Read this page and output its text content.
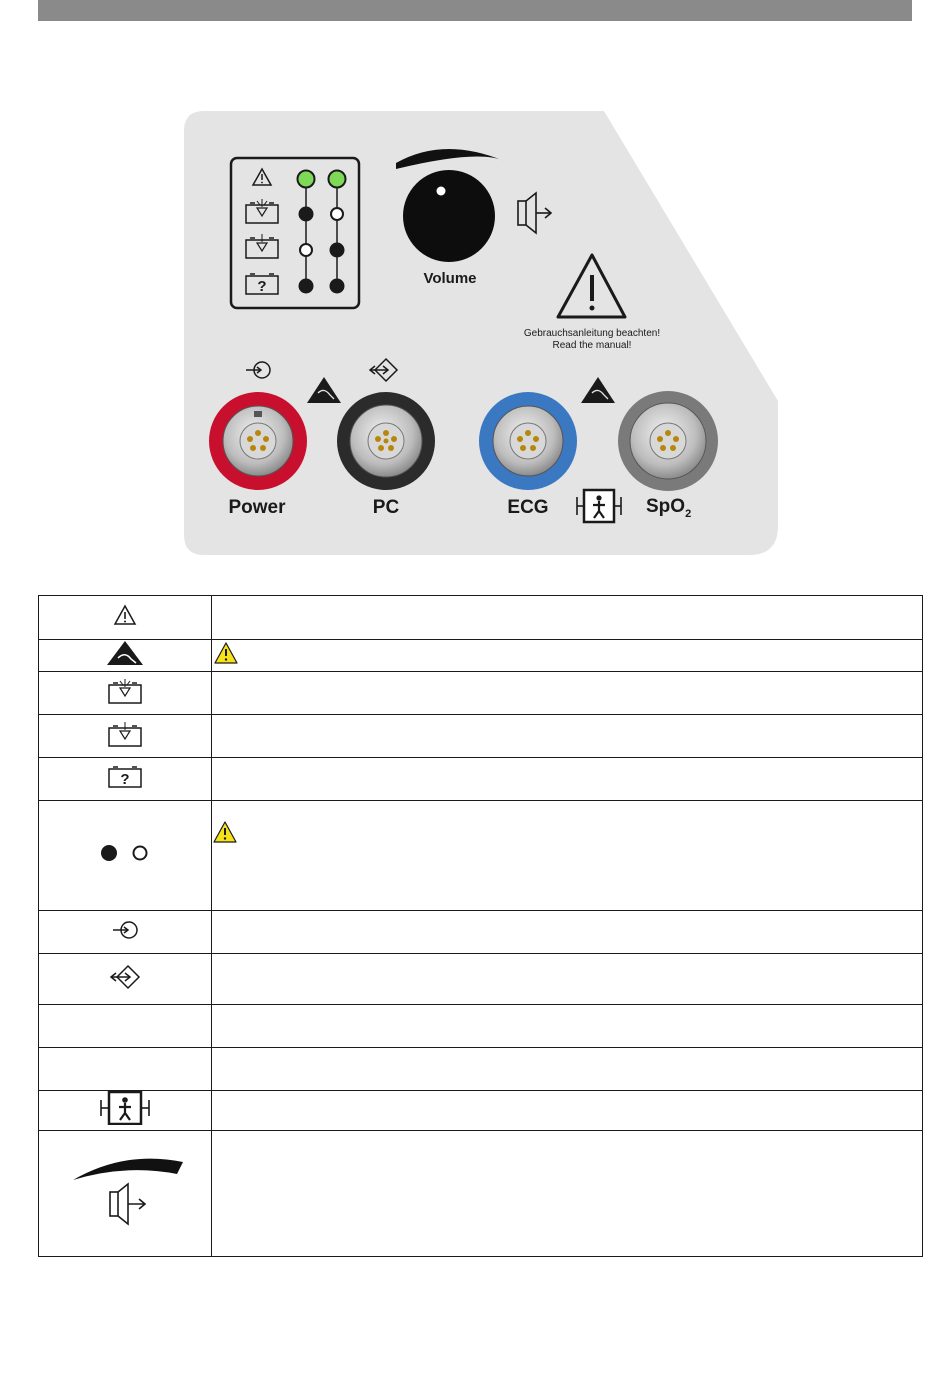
?	Volume
Gebrauchsanleitung beachten!
Read the manual!
Power	PC	ECG	SpO$_2$

?	
